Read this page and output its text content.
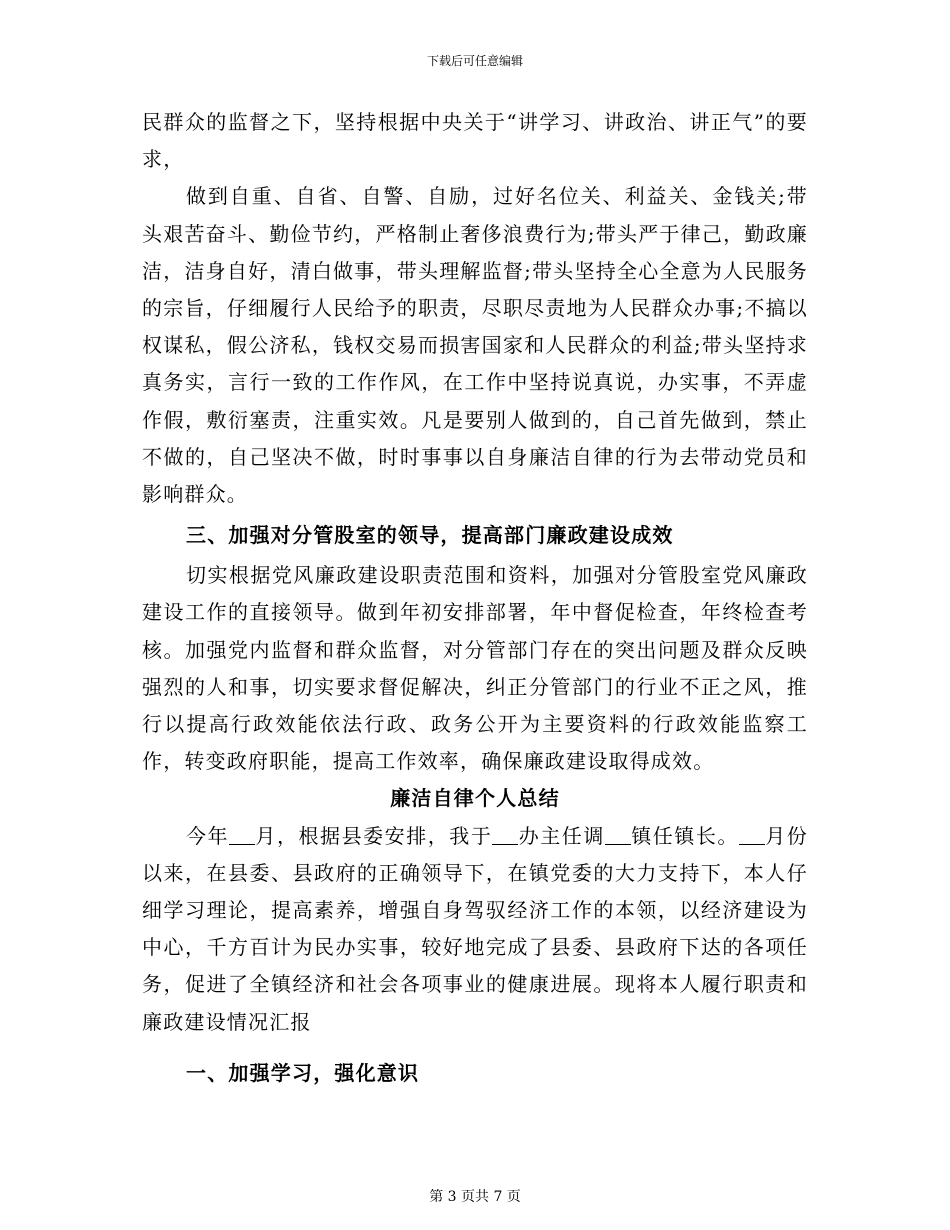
下载后可任意编辑

民群众的监督之下，坚持根据中央关于“讲学习、讲政治、讲正气”的要求，

做到自重、自省、自警、自励，过好名位关、利益关、金钱关;带头艰苦奋斗、勤俭节约，严格制止奢侈浪费行为;带头严于律己，勤政廉洁，洁身自好，清白做事，带头理解监督;带头坚持全心全意为人民服务的宗旨，仔细履行人民给予的职责，尽职尽责地为人民群众办事;不搞以权谋私，假公济私，钱权交易而损害国家和人民群众的利益;带头坚持求真务实，言行一致的工作作风，在工作中坚持说真说，办实事，不弄虚作假，敷衍塞责，注重实效。凡是要别人做到的，自己首先做到，禁止不做的，自己坚决不做，时时事事以自身廉洁自律的行为去带动党员和影响群众。

三、加强对分管股室的领导，提高部门廉政建设成效

切实根据党风廉政建设职责范围和资料，加强对分管股室党风廉政建设工作的直接领导。做到年初安排部署，年中督促检查，年终检查考核。加强党内监督和群众监督，对分管部门存在的突出问题及群众反映强烈的人和事，切实要求督促解决，纠正分管部门的行业不正之风，推行以提高行政效能依法行政、政务公开为主要资料的行政效能监察工作，转变政府职能，提高工作效率，确保廉政建设取得成效。

廉洁自律个人总结

今年 月，根据县委安排，我于 办主任调 镇任镇长。 月份以来，在县委、县政府的正确领导下，在镇党委的大力支持下，本人仔细学习理论，提高素养，增强自身驾驭经济工作的本领，以经济建设为中心，千方百计为民办实事，较好地完成了县委、县政府下达的各项任务，促进了全镇经济和社会各项事业的健康进展。现将本人履行职责和廉政建设情况汇报

一、加强学习，强化意识

第 3 页共 7 页
